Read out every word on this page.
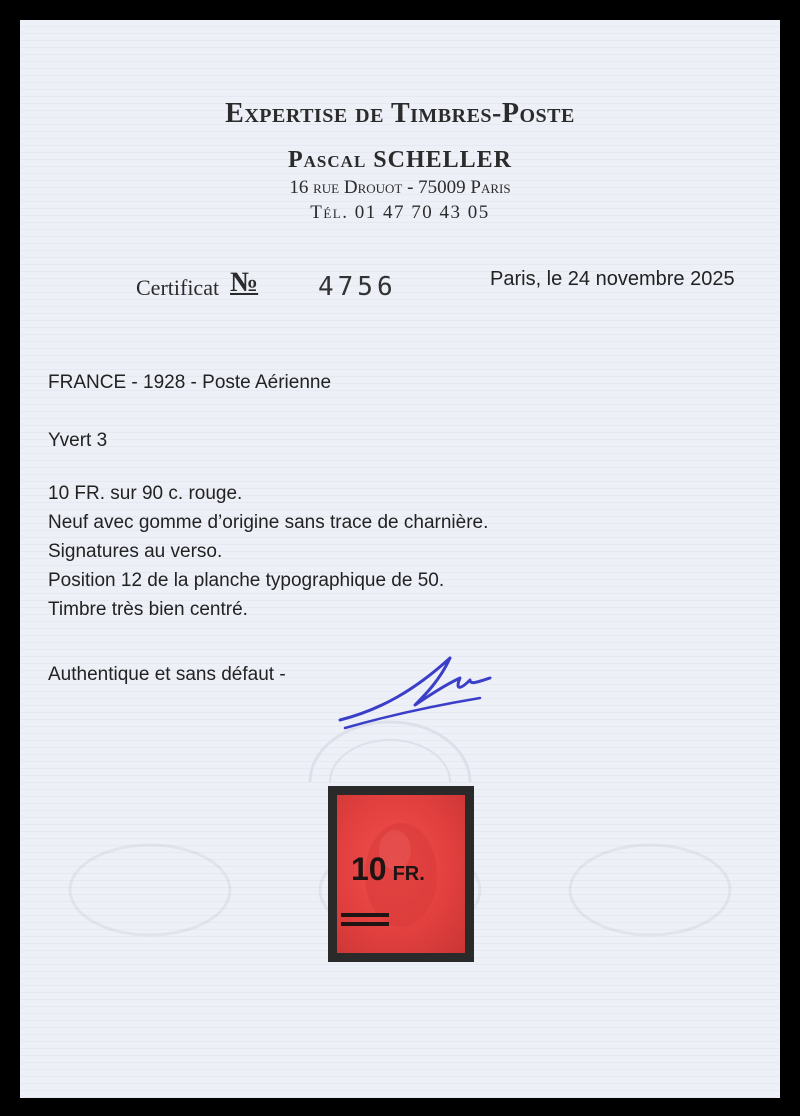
Expertise de Timbres-Poste
Pascal SCHELLER
16 rue Drouot - 75009 Paris
Tél. 01 47 70 43 05
Certificat № 4756	Paris, le 24 novembre 2025
FRANCE - 1928 - Poste Aérienne
Yvert 3
10 FR. sur 90 c. rouge.
Neuf avec gomme d’origine sans trace de charnière.
Signatures au verso.
Position 12 de la planche typographique de 50.
Timbre très bien centré.
Authentique et sans défaut -
10 FR.
